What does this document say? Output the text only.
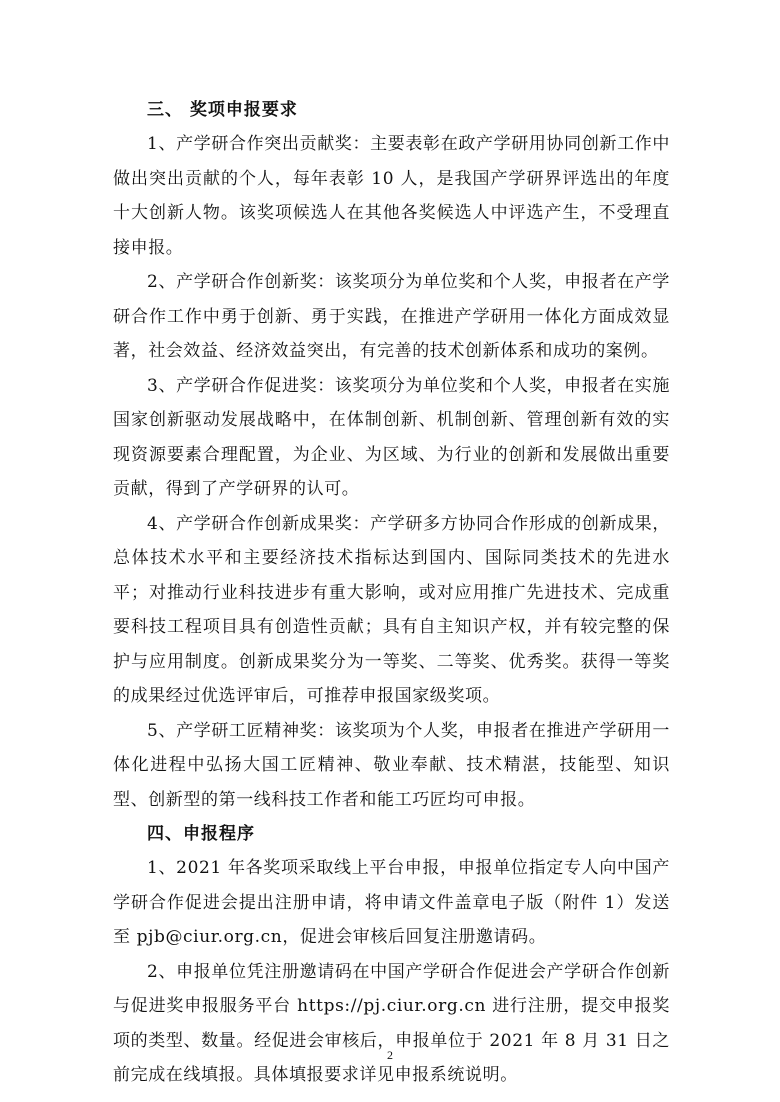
三、 奖项申报要求

1、产学研合作突出贡献奖：主要表彰在政产学研用协同创新工作中做出突出贡献的个人，每年表彰 10 人，是我国产学研界评选出的年度十大创新人物。该奖项候选人在其他各奖候选人中评选产生，不受理直接申报。

2、产学研合作创新奖：该奖项分为单位奖和个人奖，申报者在产学研合作工作中勇于创新、勇于实践，在推进产学研用一体化方面成效显著，社会效益、经济效益突出，有完善的技术创新体系和成功的案例。

3、产学研合作促进奖：该奖项分为单位奖和个人奖，申报者在实施国家创新驱动发展战略中，在体制创新、机制创新、管理创新有效的实现资源要素合理配置，为企业、为区域、为行业的创新和发展做出重要贡献，得到了产学研界的认可。

4、产学研合作创新成果奖：产学研多方协同合作形成的创新成果，总体技术水平和主要经济技术指标达到国内、国际同类技术的先进水平；对推动行业科技进步有重大影响，或对应用推广先进技术、完成重要科技工程项目具有创造性贡献；具有自主知识产权，并有较完整的保护与应用制度。创新成果奖分为一等奖、二等奖、优秀奖。获得一等奖的成果经过优选评审后，可推荐申报国家级奖项。

5、产学研工匠精神奖：该奖项为个人奖，申报者在推进产学研用一体化进程中弘扬大国工匠精神、敬业奉献、技术精湛，技能型、知识型、创新型的第一线科技工作者和能工巧匠均可申报。

四、申报程序

1、2021 年各奖项采取线上平台申报，申报单位指定专人向中国产学研合作促进会提出注册申请，将申请文件盖章电子版（附件 1）发送至 pjb@ciur.org.cn，促进会审核后回复注册邀请码。

2、申报单位凭注册邀请码在中国产学研合作促进会产学研合作创新与促进奖申报服务平台 https://pj.ciur.org.cn 进行注册，提交申报奖项的类型、数量。经促进会审核后，申报单位于 2021 年 8 月 31 日之前完成在线填报。具体填报要求详见申报系统说明。

2
